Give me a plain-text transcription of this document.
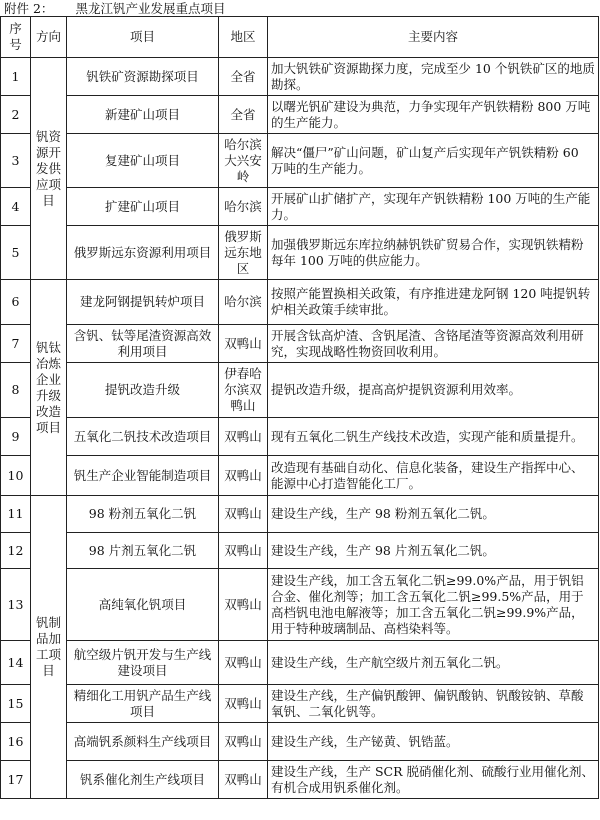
附件 2： 黑龙江钒产业发展重点项目
序号	方向	项目	地区	主要内容
1	钒资源开发供应项目	钒铁矿资源勘探项目	全省	加大钒铁矿资源勘探力度，完成至少 10 个钒铁矿区的地质勘探。
2		新建矿山项目	全省	以曙光钒矿建设为典范，力争实现年产钒铁精粉 800 万吨的生产能力。
3		复建矿山项目	哈尔滨大兴安岭	解决“僵尸”矿山问题，矿山复产后实现年产钒铁精粉 60 万吨的生产能力。
4		扩建矿山项目	哈尔滨	开展矿山扩储扩产，实现年产钒铁精粉 100 万吨的生产能力。
5		俄罗斯远东资源利用项目	俄罗斯远东地区	加强俄罗斯远东库拉纳赫钒铁矿贸易合作，实现钒铁精粉每年 100 万吨的供应能力。
6	钒钛冶炼企业升级改造项目	建龙阿钢提钒转炉项目	哈尔滨	按照产能置换相关政策，有序推进建龙阿钢 120 吨提钒转炉相关政策手续审批。
7		含钒、钛等尾渣资源高效利用项目	双鸭山	开展含钛高炉渣、含钒尾渣、含铬尾渣等资源高效利用研究，实现战略性物资回收利用。
8		提钒改造升级	伊春哈尔滨双鸭山	提钒改造升级，提高高炉提钒资源利用效率。
9		五氧化二钒技术改造项目	双鸭山	现有五氧化二钒生产线技术改造，实现产能和质量提升。
10		钒生产企业智能制造项目	双鸭山	改造现有基础自动化、信息化装备，建设生产指挥中心、能源中心打造智能化工厂。
11	钒制品加工项目	98 粉剂五氧化二钒	双鸭山	建设生产线，生产 98 粉剂五氧化二钒。
12		98 片剂五氧化二钒	双鸭山	建设生产线，生产 98 片剂五氧化二钒。
13		高纯氧化钒项目	双鸭山	建设生产线，加工含五氧化二钒≥99.0%产品，用于钒铝合金、催化剂等；加工含五氧化二钒≥99.5%产品，用于高档钒电池电解液等；加工含五氧化二钒≥99.9%产品，用于特种玻璃制品、高档染料等。
14		航空级片钒开发与生产线建设项目	双鸭山	建设生产线，生产航空级片剂五氧化二钒。
15		精细化工用钒产品生产线项目	双鸭山	建设生产线，生产偏钒酸钾、偏钒酸钠、钒酸铵钠、草酸氧钒、二氧化钒等。
16		高端钒系颜料生产线项目	双鸭山	建设生产线，生产铋黄、钒锆蓝。
17		钒系催化剂生产线项目	双鸭山	建设生产线，生产 SCR 脱硝催化剂、硫酸行业用催化剂、有机合成用钒系催化剂。
